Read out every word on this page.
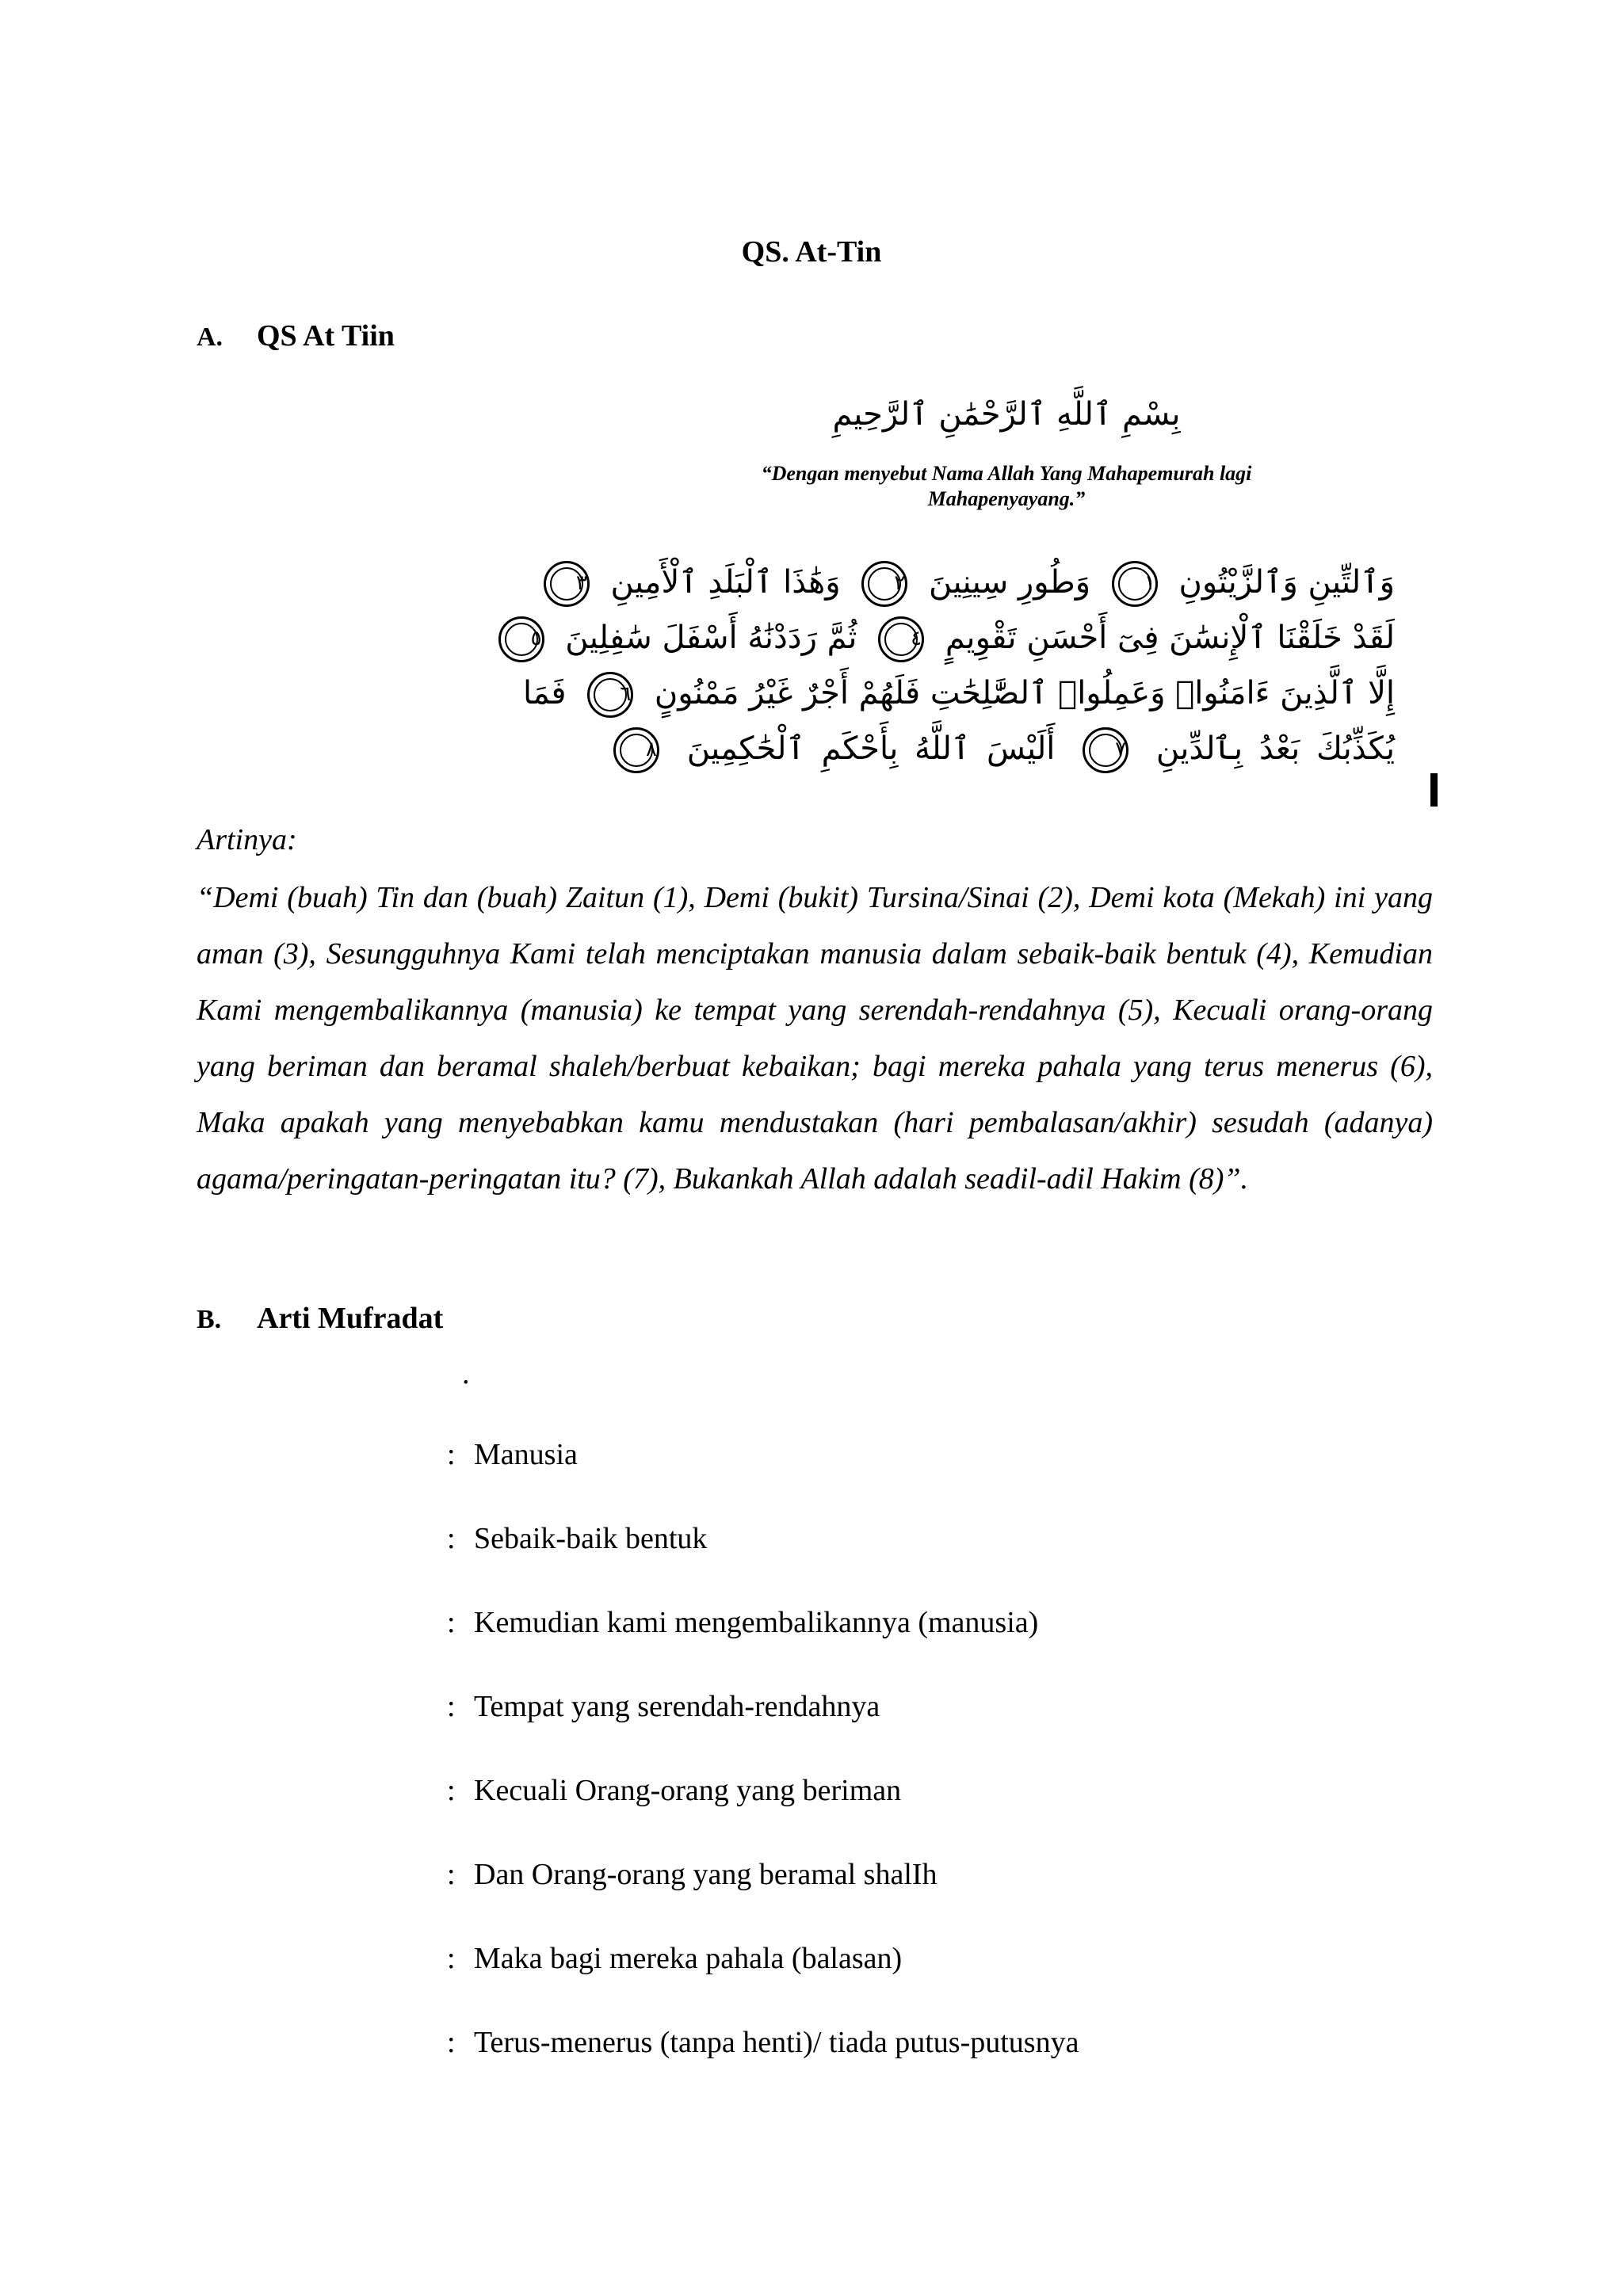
QS. At-Tin
A.	QS At Tiin
بِسْمِ ٱللَّهِ ٱلرَّحْمَٰنِ ٱلرَّحِيمِ
“Dengan menyebut Nama Allah Yang Mahapemurah lagi Mahapenyayang.”
وَٱلتِّينِ وَٱلزَّيْتُونِ ١ وَطُورِ سِينِينَ ٢ وَهَٰذَا ٱلْبَلَدِ ٱلْأَمِينِ ٣
لَقَدْ خَلَقْنَا ٱلْإِنسَٰنَ فِىٓ أَحْسَنِ تَقْوِيمٍ ٤ ثُمَّ رَدَدْنَٰهُ أَسْفَلَ سَٰفِلِينَ ٥
إِلَّا ٱلَّذِينَ ءَامَنُوا۟ وَعَمِلُوا۟ ٱلصَّٰلِحَٰتِ فَلَهُمْ أَجْرٌ غَيْرُ مَمْنُونٍ ٦ فَمَا
يُكَذِّبُكَ بَعْدُ بِٱلدِّينِ ٧ أَلَيْسَ ٱللَّهُ بِأَحْكَمِ ٱلْحَٰكِمِينَ ٨
Artinya:
“Demi (buah) Tin dan (buah) Zaitun (1), Demi (bukit) Tursina/Sinai (2), Demi kota (Mekah) ini yang aman (3), Sesungguhnya Kami telah menciptakan manusia dalam sebaik-baik bentuk (4), Kemudian Kami mengembalikannya (manusia) ke tempat yang serendah-rendahnya (5), Kecuali orang-orang yang beriman dan beramal shaleh/berbuat kebaikan; bagi mereka pahala yang terus menerus (6), Maka apakah yang menyebabkan kamu mendustakan (hari pembalasan/akhir) sesudah (adanya) agama/peringatan-peringatan itu? (7), Bukankah Allah adalah seadil-adil Hakim (8)”.
B.	Arti Mufradat
.
: Manusia
: Sebaik-baik bentuk
: Kemudian kami mengembalikannya (manusia)
: Tempat yang serendah-rendahnya
: Kecuali Orang-orang yang beriman
: Dan Orang-orang yang beramal shalIh
: Maka bagi mereka pahala (balasan)
: Terus-menerus (tanpa henti)/ tiada putus-putusnya
